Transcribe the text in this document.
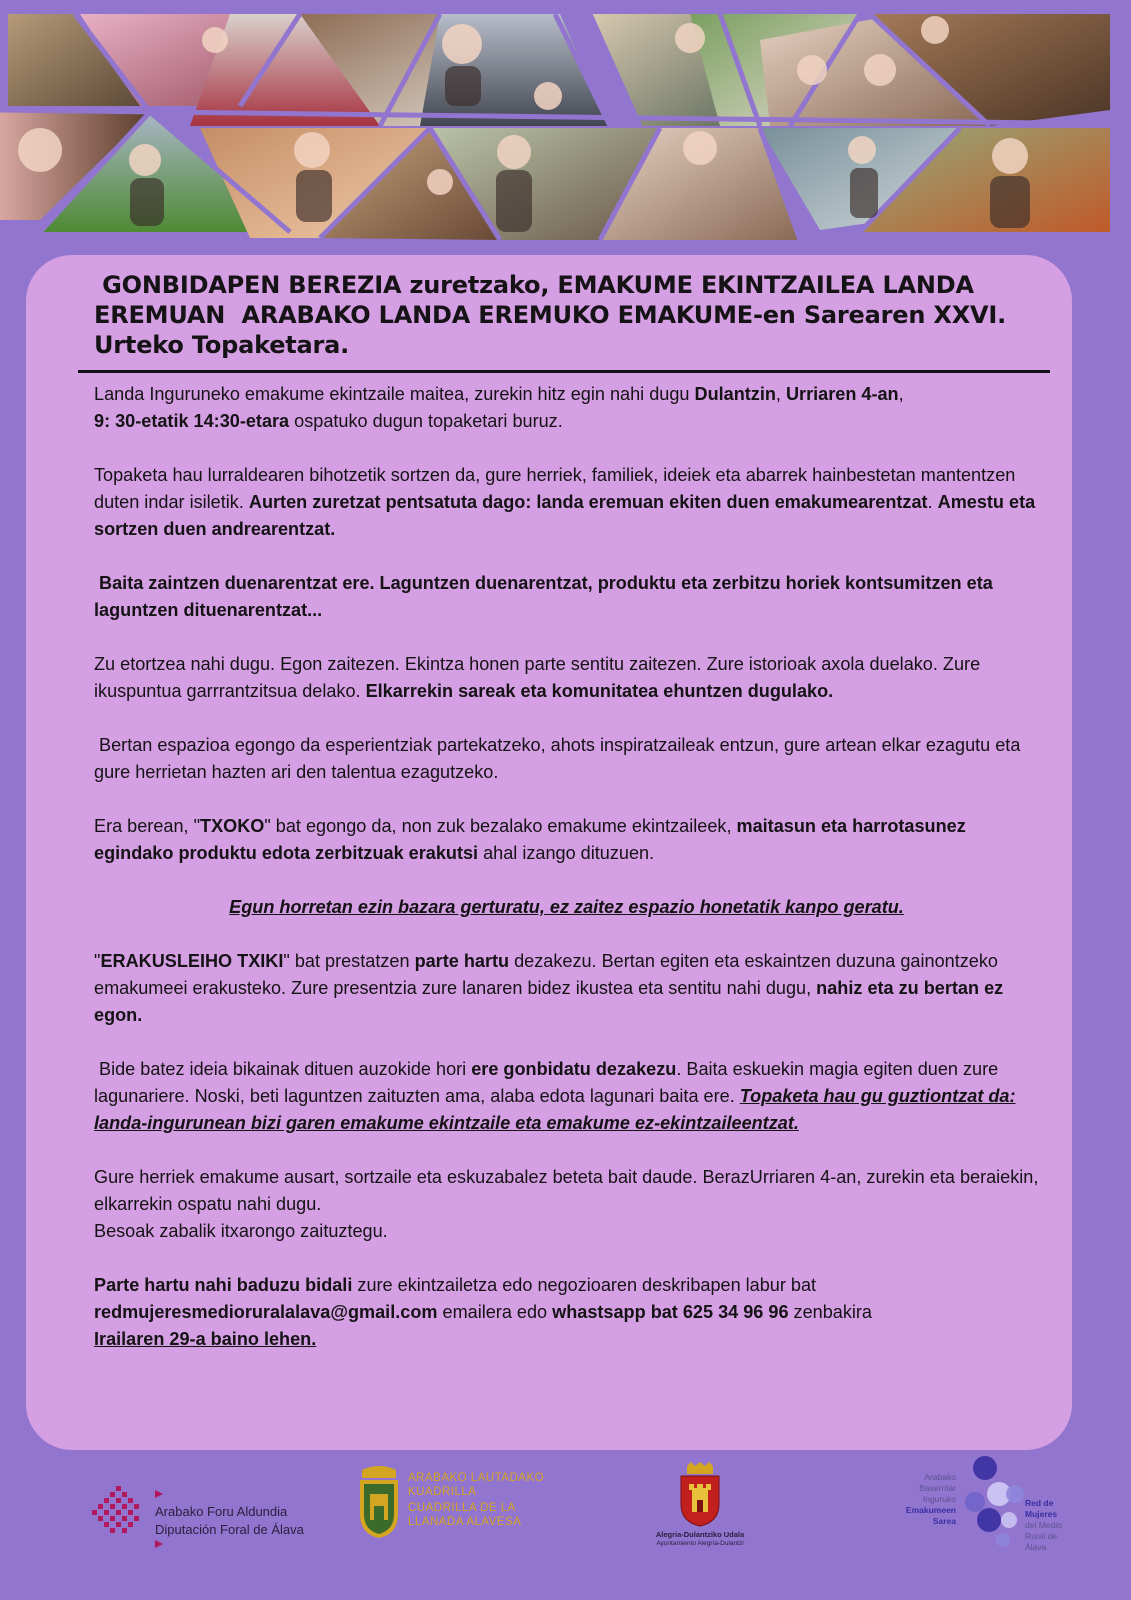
GONBIDAPEN BEREZIA zuretzako, EMAKUME EKINTZAILEA LANDA
EREMUAN  ARABAKO LANDA EREMUKO EMAKUME-en Sarearen XXVI.
Urteko Topaketara.

Landa Inguruneko emakume ekintzaile maitea, zurekin hitz egin nahi dugu Dulantzin, Urriaren 4-an,
9: 30-etatik 14:30-etara ospatuko dugun topaketari buruz.

Topaketa hau lurraldearen bihotzetik sortzen da, gure herriek, familiek, ideiek eta abarrek hainbestetan mantentzen duten indar isiletik. Aurten zuretzat pentsatuta dago: landa eremuan ekiten duen emakumearentzat. Amestu eta sortzen duen andrearentzat.

Baita zaintzen duenarentzat ere. Laguntzen duenarentzat, produktu eta zerbitzu horiek kontsumitzen eta laguntzen dituenarentzat...

Zu etortzea nahi dugu. Egon zaitezen. Ekintza honen parte sentitu zaitezen. Zure istorioak axola duelako. Zure ikuspuntua garrrantzitsua delako. Elkarrekin sareak eta komunitatea ehuntzen dugulako.

Bertan espazioa egongo da esperientziak partekatzeko, ahots inspiratzaileak entzun, gure artean elkar ezagutu eta gure herrietan hazten ari den talentua ezagutzeko.

Era berean, "TXOKO" bat egongo da, non zuk bezalako emakume ekintzaileek, maitasun eta harrotasunez egindako produktu edota zerbitzuak erakutsi ahal izango dituzuen.

Egun horretan ezin bazara gerturatu, ez zaitez espazio honetatik kanpo geratu.

"ERAKUSLEIHO TXIKI" bat prestatzen parte hartu dezakezu. Bertan egiten eta eskaintzen duzuna gainontzeko emakumeei erakusteko. Zure presentzia zure lanaren bidez ikustea eta sentitu nahi dugu, nahiz eta zu bertan ez egon.

Bide batez ideia bikainak dituen auzokide hori ere gonbidatu dezakezu. Baita eskuekin magia egiten duen zure lagunariere. Noski, beti laguntzen zaituzten ama, alaba edota lagunari baita ere. Topaketa hau gu guztiontzat da: landa-ingurunean bizi garen emakume ekintzaile eta emakume ez-ekintzaileentzat.

Gure herriek emakume ausart, sortzaile eta eskuzabalez beteta bait daude. BerazUrriaren 4-an, zurekin eta beraiekin, elkarrekin ospatu nahi dugu.
Besoak zabalik itxarongo zaituztegu.

Parte hartu nahi baduzu bidali zure ekintzailetza edo negozioaren deskribapen labur bat redmujeresmedioruralalava@gmail.com emailera edo whastsapp bat 625 34 96 96 zenbakira
Irailaren 29-a baino lehen.

Arabako Foru Aldundia
Diputación Foral de Álava
ARABAKO LAUTADAKO
KUADRILLA
CUADRILLA DE LA
LLANADA ALAVESA
Alegria-Dulantziko Udala
Ayuntamiento Alegría-Dulantzi
Arabako
Baserritar
Inguruko
Emakumeen
Sarea
Red de
Mujeres
del Medio
Rural de
Álava
